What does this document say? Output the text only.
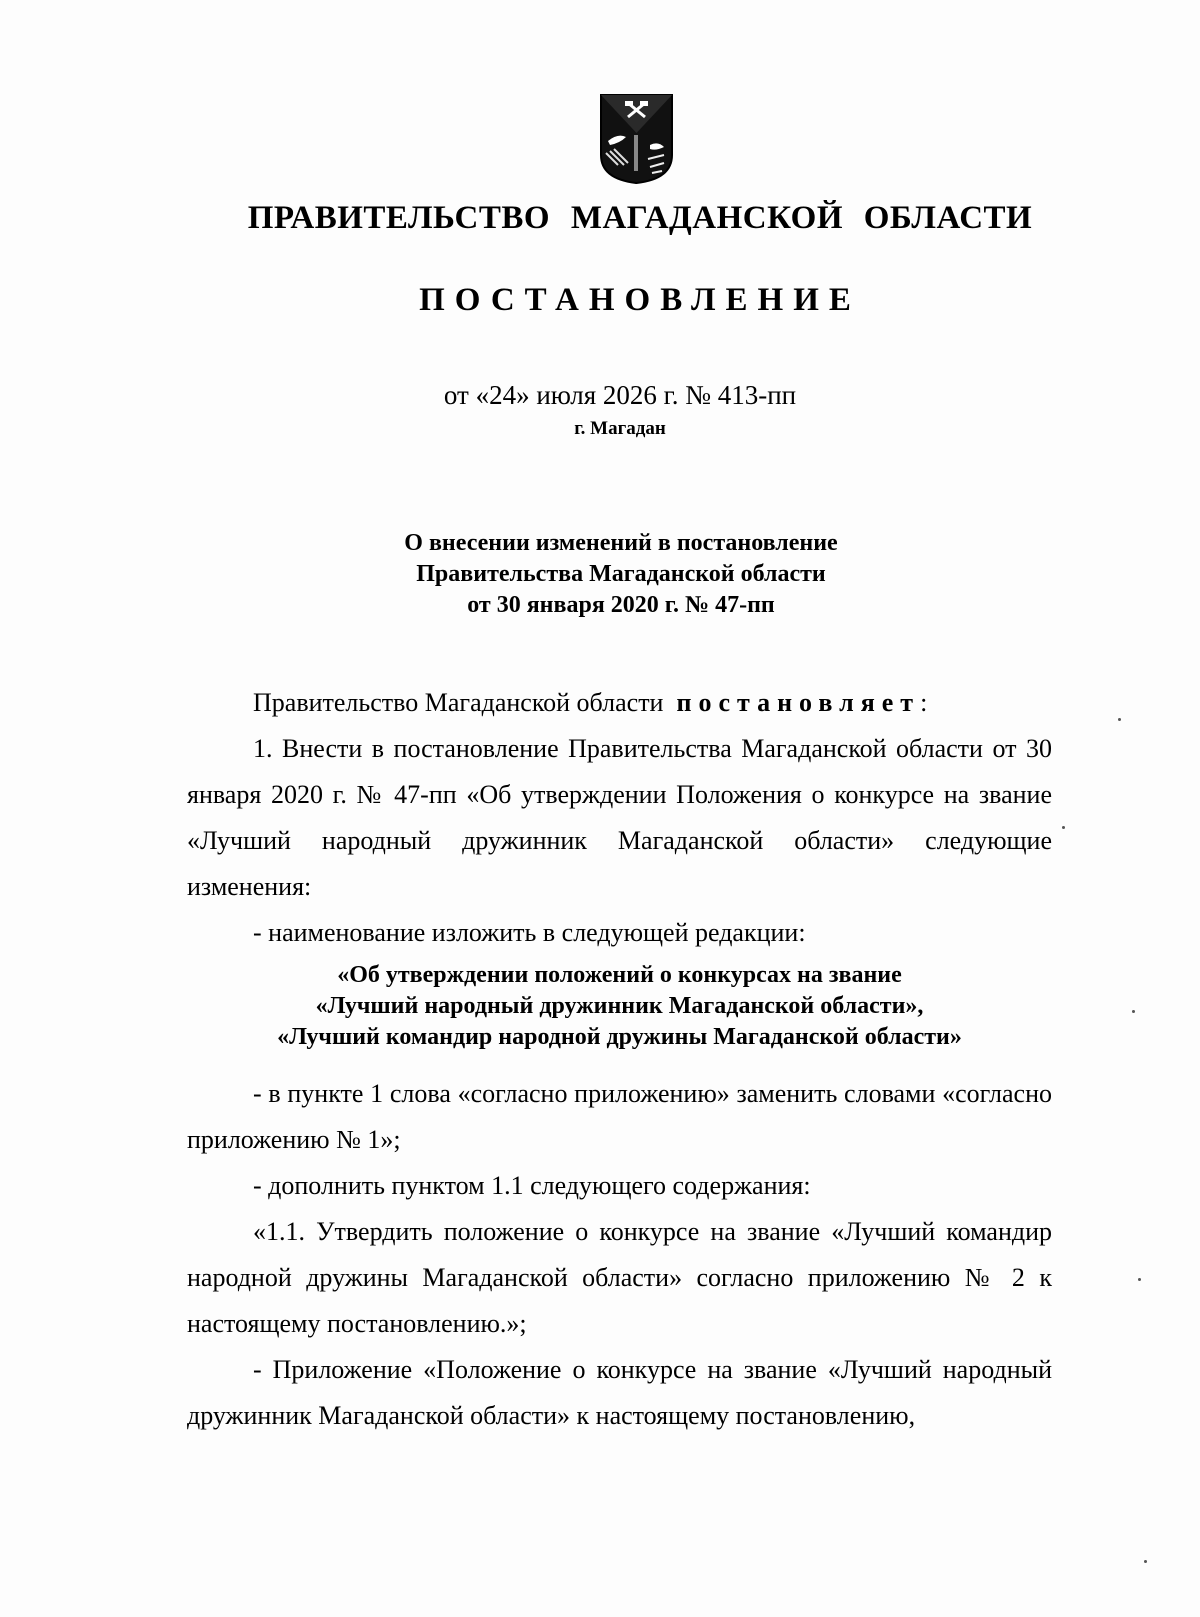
ПРАВИТЕЛЬСТВО МАГАДАНСКОЙ ОБЛАСТИ
ПОСТАНОВЛЕНИЕ
от «24» июля 2026 г. № 413-пп
г. Магадан
О внесении изменений в постановление
Правительства Магаданской области
от 30 января 2020 г. № 47-пп

Правительство Магаданской области постановляет:

1. Внести в постановление Правительства Магаданской области от 30 января 2020 г. № 47-пп «Об утверждении Положения о конкурсе на звание «Лучший народный дружинник Магаданской области» следующие изменения:

- наименование изложить в следующей редакции:

«Об утверждении положений о конкурсах на звание
«Лучший народный дружинник Магаданской области»,
«Лучший командир народной дружины Магаданской области»

- в пункте 1 слова «согласно приложению» заменить словами «согласно приложению № 1»;

- дополнить пунктом 1.1 следующего содержания:

«1.1. Утвердить положение о конкурсе на звание «Лучший командир народной дружины Магаданской области» согласно приложению № 2 к настоящему постановлению.»;

- Приложение «Положение о конкурсе на звание «Лучший народный дружинник Магаданской области» к настоящему постановлению,
